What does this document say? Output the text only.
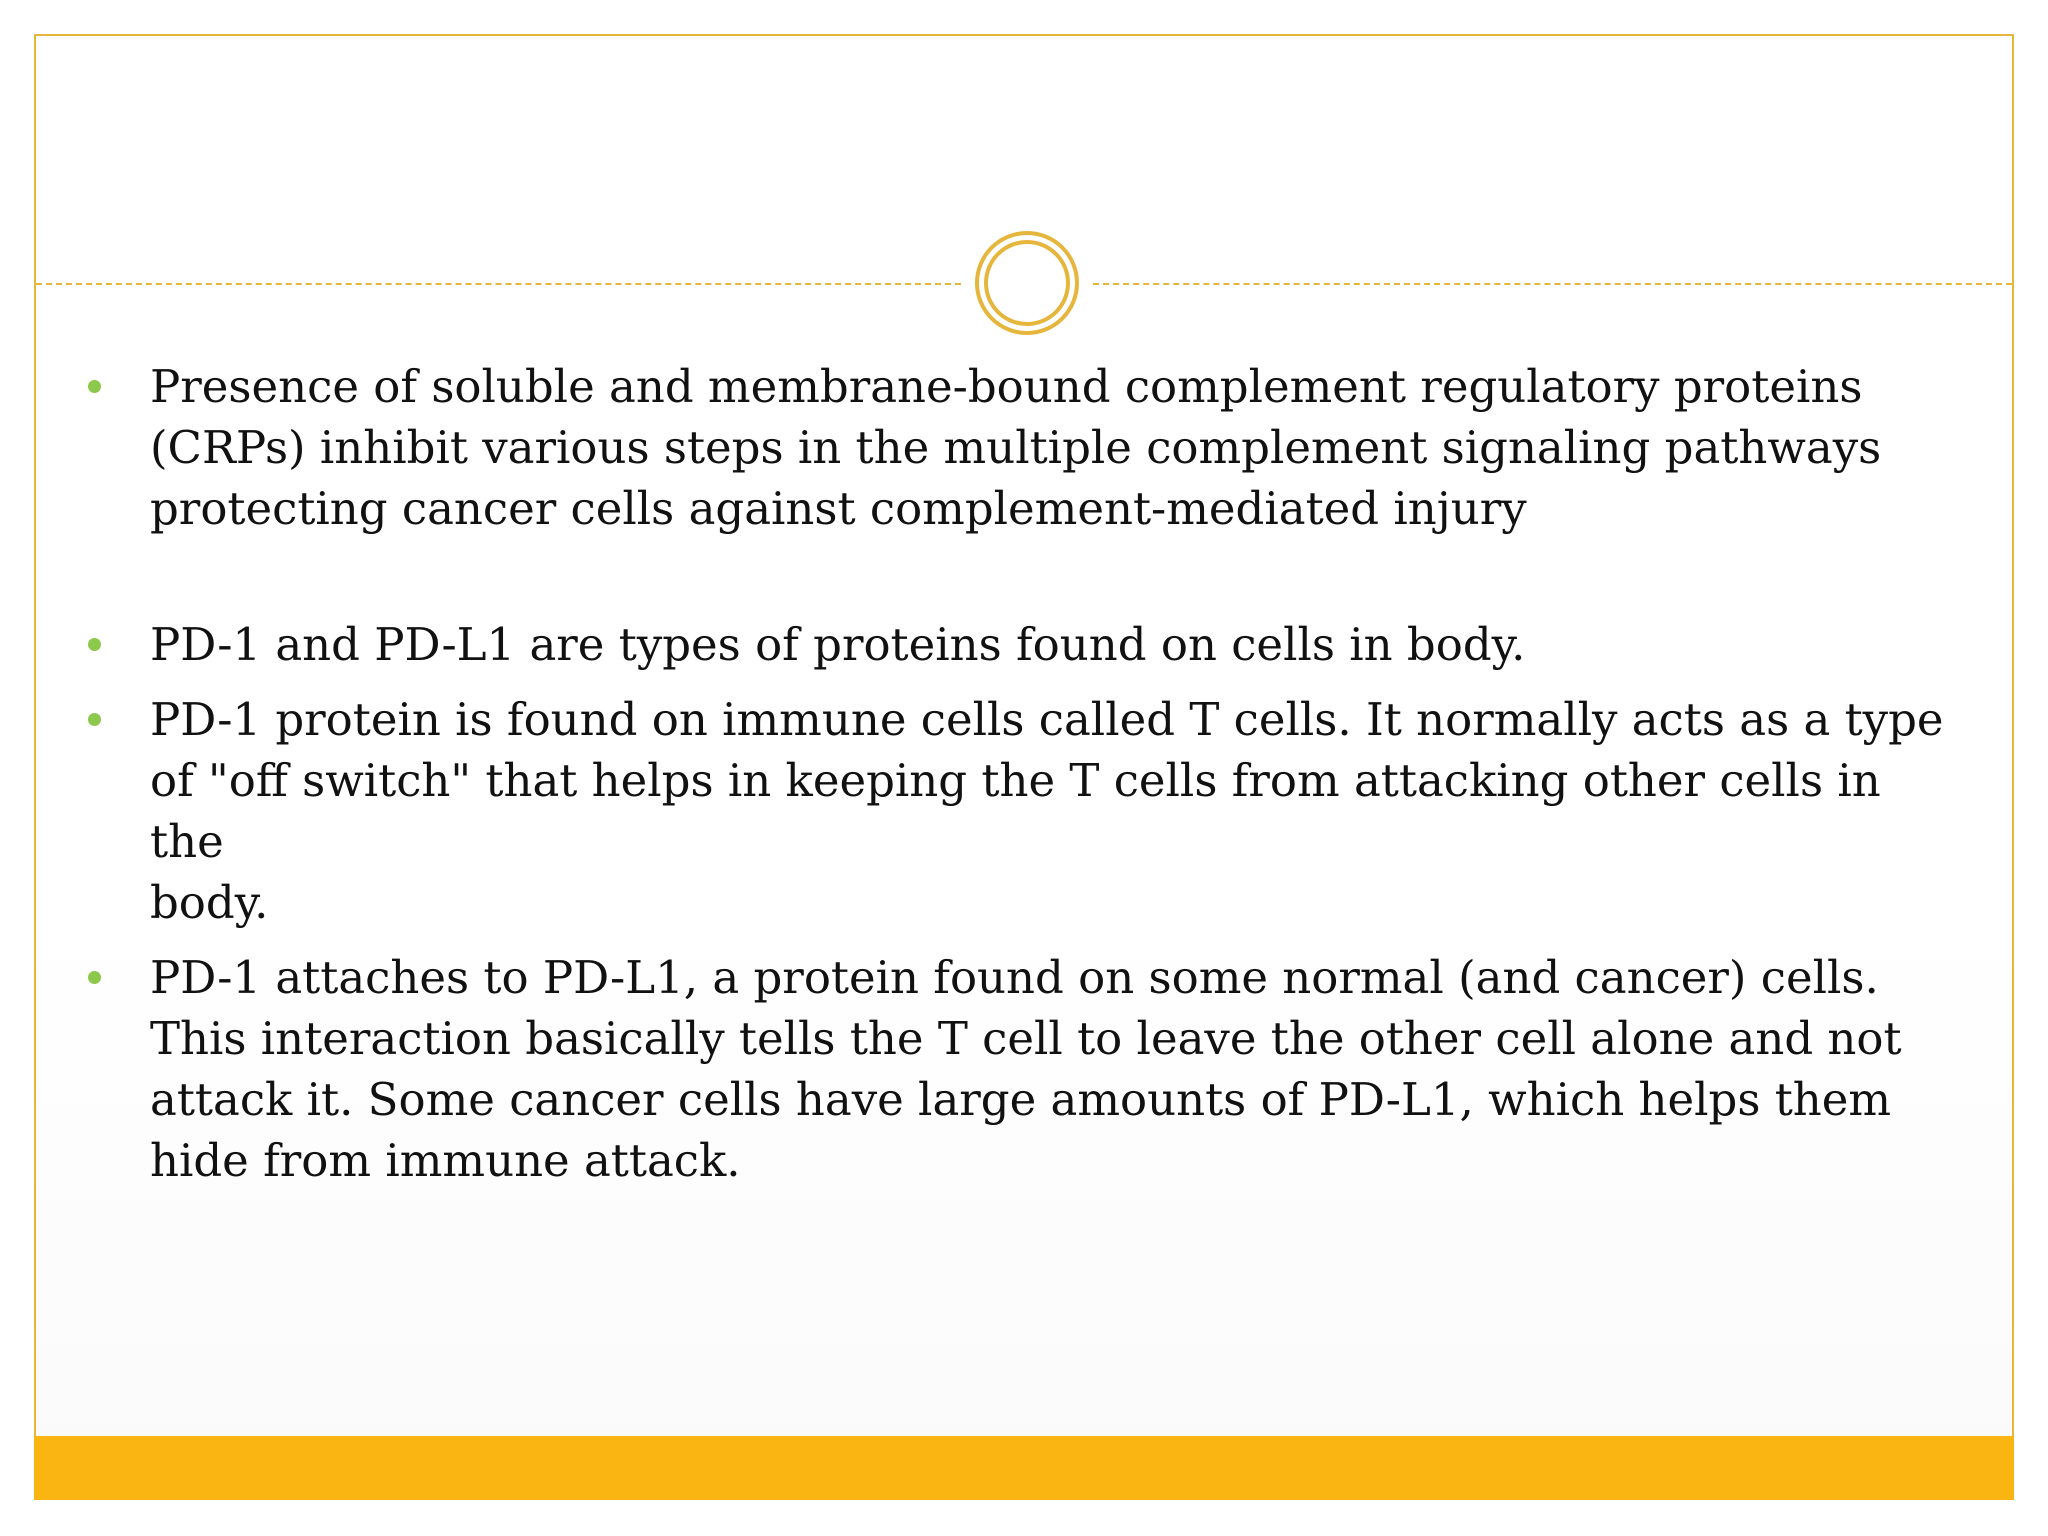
Presence of soluble and membrane-bound complement regulatory proteins
(CRPs) inhibit various steps in the multiple complement signaling pathways
protecting cancer cells against complement-mediated injury
PD-1 and PD-L1 are types of proteins found on cells in body.
PD-1 protein is found on immune cells called T cells. It normally acts as a type
of "off switch" that helps in keeping the T cells from attacking other cells in the
body.
PD-1 attaches to PD-L1, a protein found on some normal (and cancer) cells.
This interaction basically tells the T cell to leave the other cell alone and not
attack it. Some cancer cells have large amounts of PD-L1, which helps them
hide from immune attack.
